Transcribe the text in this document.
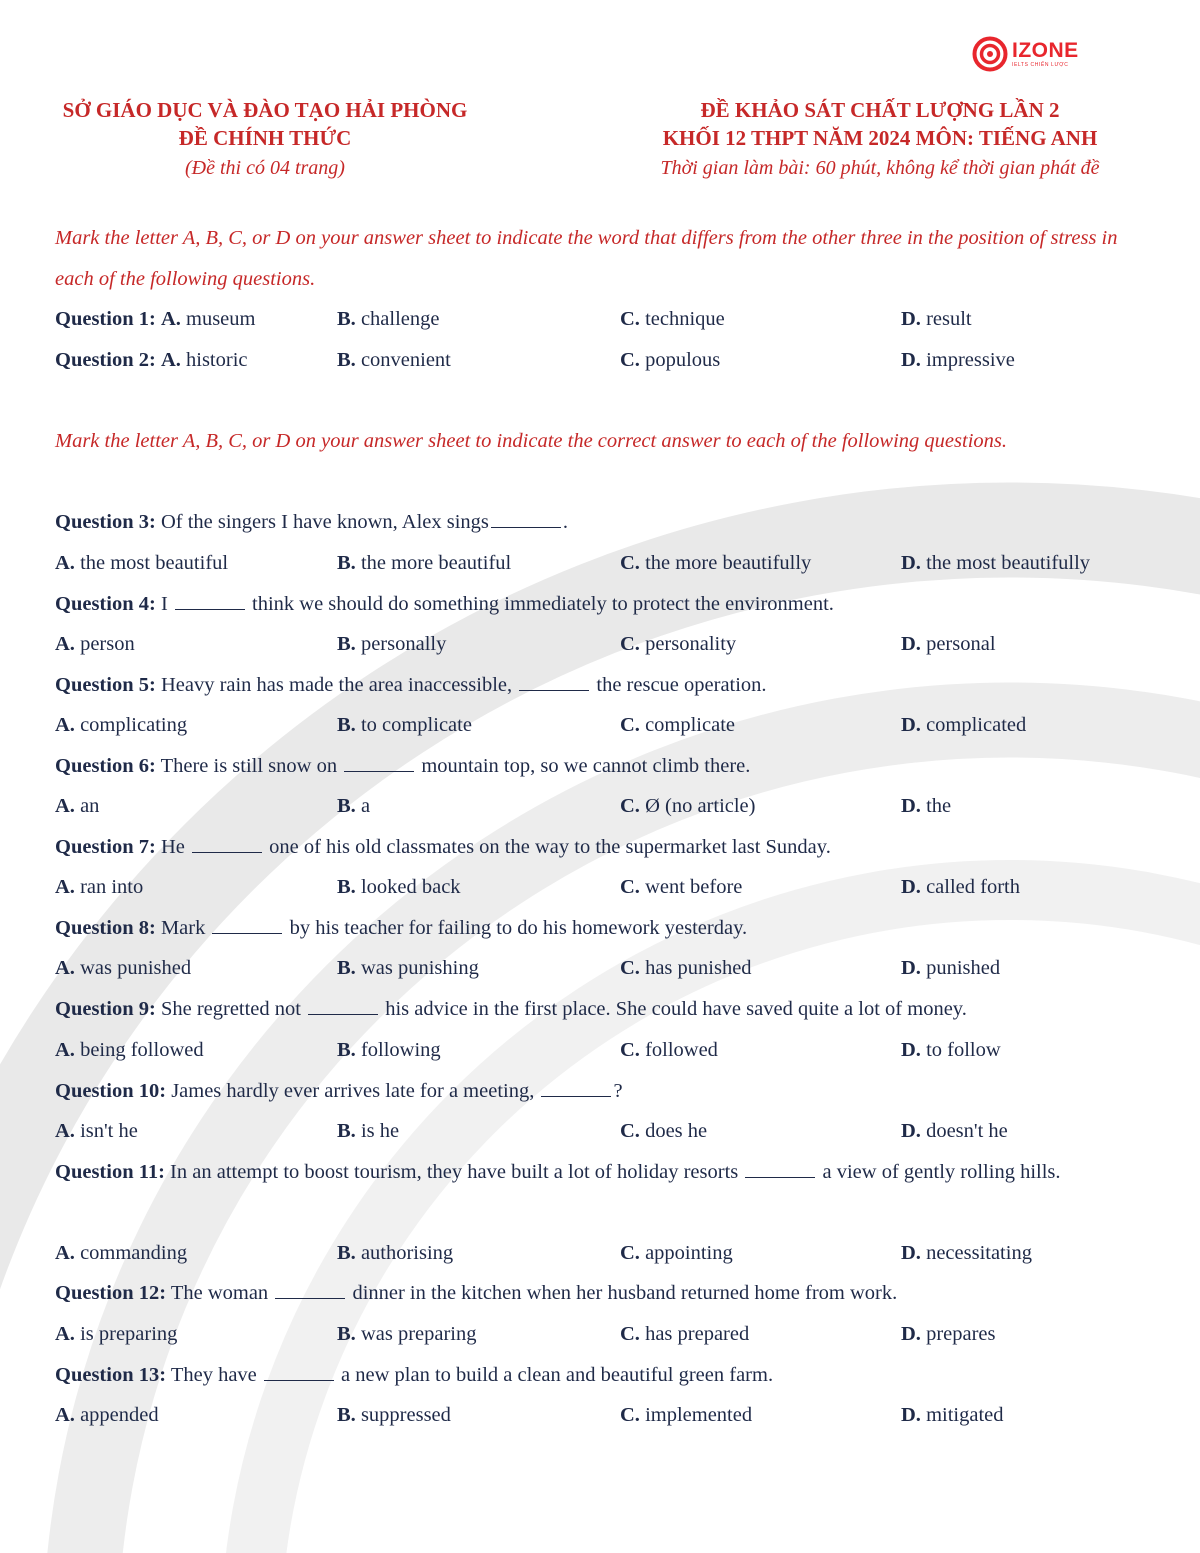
IZONE
IELTS CHIẾN LƯỢC
SỞ GIÁO DỤC VÀ ĐÀO TẠO HẢI PHÒNG
ĐỀ CHÍNH THỨC
(Đề thi có 04 trang)
ĐỀ KHẢO SÁT CHẤT LƯỢNG LẦN 2
KHỐI 12 THPT NĂM 2024 MÔN: TIẾNG ANH
Thời gian làm bài: 60 phút, không kể thời gian phát đề
Mark the letter A, B, C, or D on your answer sheet to indicate the word that differs from the other three in the position of stress in each of the following questions.
Question 1: A. museum	B. challenge	C. technique	D. result
Question 2: A. historic	B. convenient	C. populous	D. impressive
Mark the letter A, B, C, or D on your answer sheet to indicate the correct answer to each of the following questions.
Question 3: Of the singers I have known, Alex sings	.
A. the most beautiful	B. the more beautiful	C. the more beautifully	D. the most beautifully
Question 4: I	think we should do something immediately to protect the environment.
A. person	B. personally	C. personality	D. personal
Question 5: Heavy rain has made the area inaccessible,	the rescue operation.
A. complicating	B. to complicate	C. complicate	D. complicated
Question 6: There is still snow on	mountain top, so we cannot climb there.
A. an	B. a	C. Ø (no article)	D. the
Question 7: He	one of his old classmates on the way to the supermarket last Sunday.
A. ran into	B. looked back	C. went before	D. called forth
Question 8: Mark	by his teacher for failing to do his homework yesterday.
A. was punished	B. was punishing	C. has punished	D. punished
Question 9: She regretted not	his advice in the first place. She could have saved quite a lot of money.
A. being followed	B. following	C. followed	D. to follow
Question 10: James hardly ever arrives late for a meeting,	?
A. isn't he	B. is he	C. does he	D. doesn't he
Question 11: In an attempt to boost tourism, they have built a lot of holiday resorts	a view of gently rolling hills.
A. commanding	B. authorising	C. appointing	D. necessitating
Question 12: The woman	dinner in the kitchen when her husband returned home from work.
A. is preparing	B. was preparing	C. has prepared	D. prepares
Question 13: They have	a new plan to build a clean and beautiful green farm.
A. appended	B. suppressed	C. implemented	D. mitigated
